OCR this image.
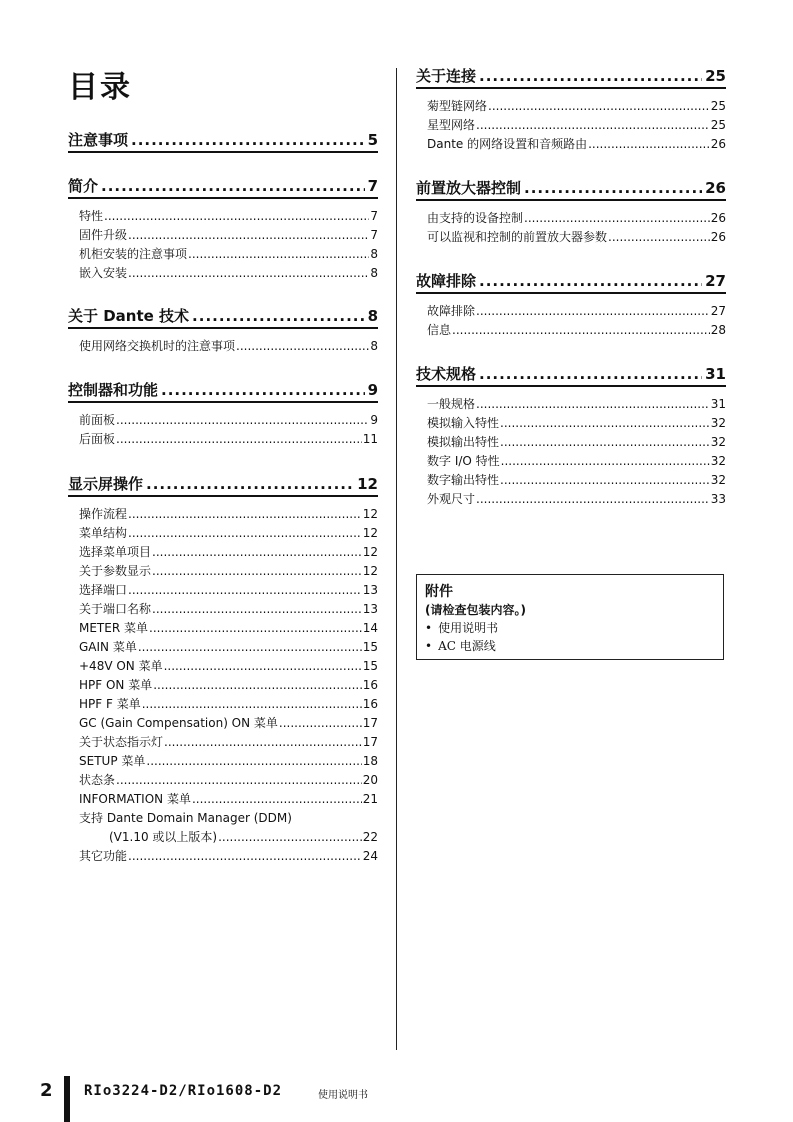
目录
注意事项 .....	5
简介 .....	7
特性 .....	7
固件升级 .....	7
机柜安装的注意事项 .....	8
嵌入安装 .....	8
关于 Dante 技术 .....	8
使用网络交换机时的注意事项 .....	8
控制器和功能 .....	9
前面板 .....	9
后面板 .....	11
显示屏操作 .....	12
操作流程 .....	12
菜单结构 .....	12
选择菜单项目 .....	12
关于参数显示 .....	12
选择端口 .....	13
关于端口名称 .....	13
METER 菜单 .....	14
GAIN 菜单 .....	15
+48V ON 菜单 .....	15
HPF ON 菜单 .....	16
HPF F 菜单 .....	16
GC (Gain Compensation) ON 菜单 .....	17
关于状态指示灯 .....	17
SETUP 菜单 .....	18
状态条 .....	20
INFORMATION 菜单 .....	21
支持 Dante Domain Manager (DDM)
(V1.10 或以上版本) .....	22
其它功能 .....	24
关于连接 .....	25
菊型链网络 .....	25
星型网络 .....	25
Dante 的网络设置和音频路由 .....	26
前置放大器控制 .....	26
由支持的设备控制 .....	26
可以监视和控制的前置放大器参数 .....	26
故障排除 .....	27
故障排除 .....	27
信息 .....	28
技术规格 .....	31
一般规格 .....	31
模拟输入特性 .....	32
模拟输出特性 .....	32
数字 I/O 特性 .....	32
数字输出特性 .....	32
外观尺寸 .....	33
附件
(请检查包装内容。)
• 使用说明书
• AC 电源线
2 RIo3224-D2/RIo1608-D2	使用说明书
